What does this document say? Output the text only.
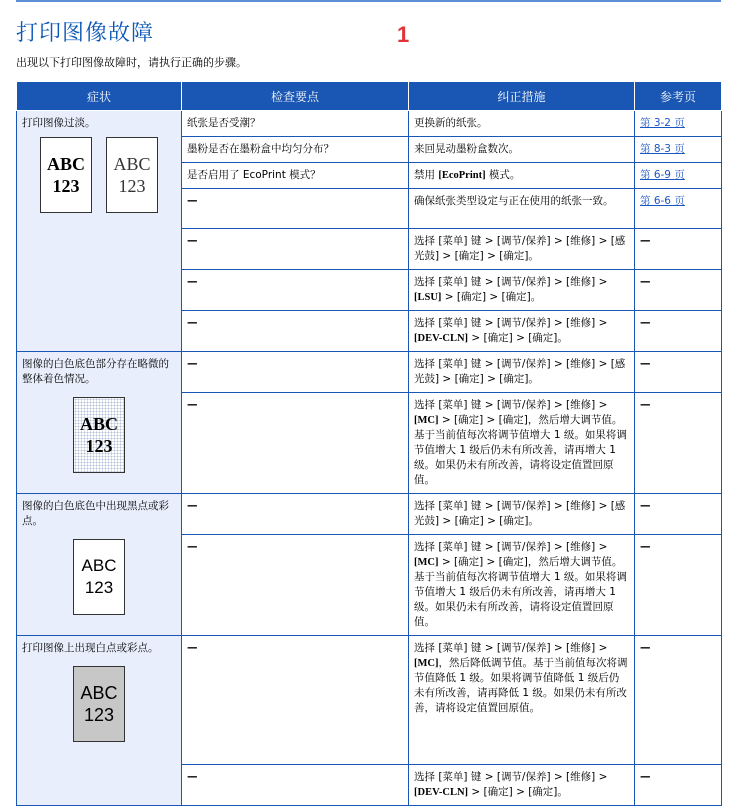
打印图像故障	1
出现以下打印图像故障时，请执行正确的步骤。
症状	检查要点	纠正措施	参考页

打印图像过淡。
ABC
123
ABC
123	纸张是否受潮？	更换新的纸张。	第 3-2 页
	墨粉是否在墨粉盒中均匀分布？	来回晃动墨粉盒数次。	第 8-3 页
	是否启用了 EcoPrint 模式？	禁用 [EcoPrint] 模式。	第 6-9 页
	—	确保纸张类型设定与正在使用的纸张一致。	第 6-6 页
	—	选择 [菜单] 键 > [调节/保养] > [维修] > [感光鼓] > [确定] > [确定]。	—
	—	选择 [菜单] 键 > [调节/保养] > [维修] > [LSU] > [确定] > [确定]。	—
	—	选择 [菜单] 键 > [调节/保养] > [维修] > [DEV-CLN] > [确定] > [确定]。	—

图像的白色底色部分存在略微的整体着色情况。
ABC
123	—	选择 [菜单] 键 > [调节/保养] > [维修] > [感光鼓] > [确定] > [确定]。	—
	—	选择 [菜单] 键 > [调节/保养] > [维修] > [MC] > [确定] > [确定]，然后增大调节值。基于当前值每次将调节值增大 1 级。如果将调节值增大 1 级后仍未有所改善，请再增大 1 级。如果仍未有所改善，请将设定值置回原值。	—

图像的白色底色中出现黑点或彩点。
ABC
123	—	选择 [菜单] 键 > [调节/保养] > [维修] > [感光鼓] > [确定] > [确定]。	—
	—	选择 [菜单] 键 > [调节/保养] > [维修] > [MC] > [确定] > [确定]，然后增大调节值。基于当前值每次将调节值增大 1 级。如果将调节值增大 1 级后仍未有所改善，请再增大 1 级。如果仍未有所改善，请将设定值置回原值。	—

打印图像上出现白点或彩点。
ABC
123	—	选择 [菜单] 键 > [调节/保养] > [维修] > [MC]，然后降低调节值。基于当前值每次将调节值降低 1 级。如果将调节值降低 1 级后仍未有所改善，请再降低 1 级。如果仍未有所改善，请将设定值置回原值。	—
	—	选择 [菜单] 键 > [调节/保养] > [维修] > [DEV-CLN] > [确定] > [确定]。	—
